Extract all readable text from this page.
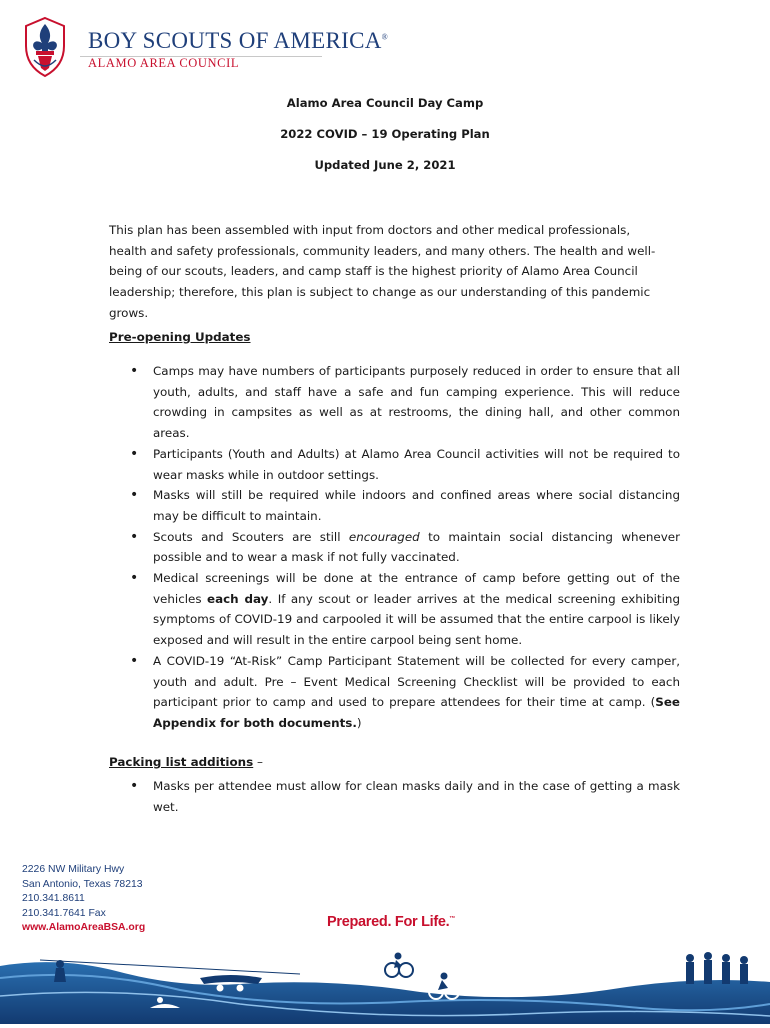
BOY SCOUTS OF AMERICA®
ALAMO AREA COUNCIL
Alamo Area Council Day Camp
2022 COVID – 19 Operating Plan
Updated June 2, 2021
This plan has been assembled with input from doctors and other medical professionals, health and safety professionals, community leaders, and many others. The health and well-being of our scouts, leaders, and camp staff is the highest priority of Alamo Area Council leadership; therefore, this plan is subject to change as our understanding of this pandemic grows.
Pre-opening Updates
• Camps may have numbers of participants purposely reduced in order to ensure that all youth, adults, and staff have a safe and fun camping experience. This will reduce crowding in campsites as well as at restrooms, the dining hall, and other common areas.
• Participants (Youth and Adults) at Alamo Area Council activities will not be required to wear masks while in outdoor settings.
• Masks will still be required while indoors and confined areas where social distancing may be difficult to maintain.
• Scouts and Scouters are still encouraged to maintain social distancing whenever possible and to wear a mask if not fully vaccinated.
• Medical screenings will be done at the entrance of camp before getting out of the vehicles each day. If any scout or leader arrives at the medical screening exhibiting symptoms of COVID-19 and carpooled it will be assumed that the entire carpool is likely exposed and will result in the entire carpool being sent home.
• A COVID-19 “At-Risk” Camp Participant Statement will be collected for every camper, youth and adult. Pre – Event Medical Screening Checklist will be provided to each participant prior to camp and used to prepare attendees for their time at camp. (See Appendix for both documents.)
Packing list additions –
• Masks per attendee must allow for clean masks daily and in the case of getting a mask wet.
2226 NW Military Hwy
San Antonio, Texas 78213
210.341.8611
210.341.7641 Fax
www.AlamoAreaBSA.org	Prepared. For Life.™
